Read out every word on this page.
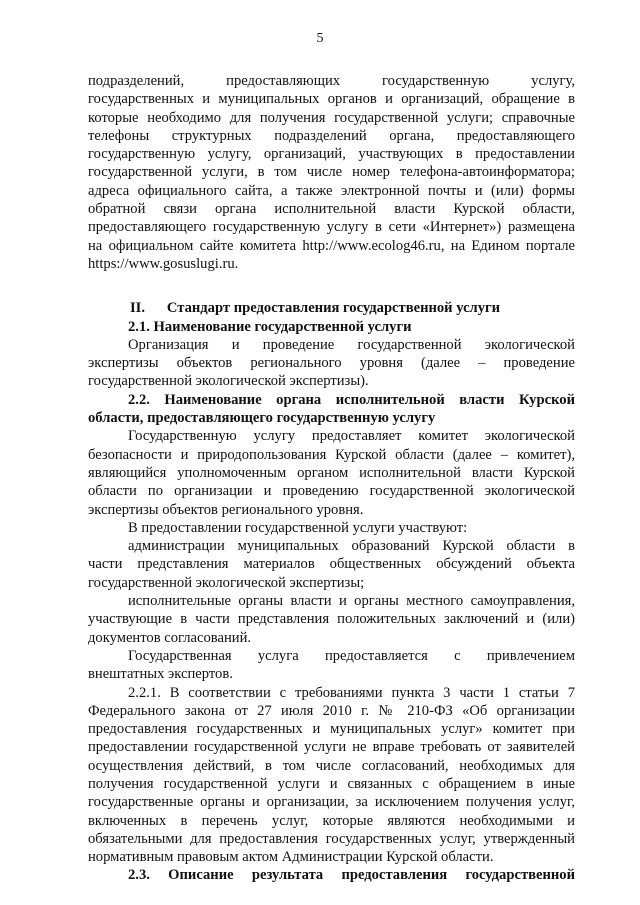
5
подразделений, предоставляющих государственную услугу,
государственных и муниципальных органов и организаций, обращение в
которые необходимо для получения государственной услуги; справочные
телефоны структурных подразделений органа, предоставляющего
государственную услугу, организаций, участвующих в предоставлении
государственной услуги, в том числе номер телефона-автоинформатора;
адреса официального сайта, а также электронной почты и (или) формы
обратной связи органа исполнительной власти Курской области,
предоставляющего государственную услугу в сети «Интернет») размещена
на официальном сайте комитета http://www.ecolog46.ru, на Едином портале
https://www.gosuslugi.ru.
II.      Стандарт предоставления государственной услуги
2.1. Наименование государственной услуги
Организация и проведение государственной экологической
экспертизы объектов регионального уровня (далее – проведение
государственной экологической экспертизы).
2.2. Наименование органа исполнительной власти Курской
области, предоставляющего государственную услугу
Государственную услугу предоставляет комитет экологической
безопасности и природопользования Курской области (далее – комитет),
являющийся уполномоченным органом исполнительной власти Курской
области по организации и проведению государственной экологической
экспертизы объектов регионального уровня.
В предоставлении государственной услуги участвуют:
администрации муниципальных образований Курской области в
части представления материалов общественных обсуждений объекта
государственной экологической экспертизы;
исполнительные органы власти и органы местного самоуправления,
участвующие в части представления положительных заключений и (или)
документов согласований.
Государственная услуга предоставляется с привлечением
внештатных экспертов.
2.2.1. В соответствии с требованиями пункта 3 части 1 статьи 7
Федерального закона от 27 июля 2010 г. № 210-ФЗ «Об организации
предоставления государственных и муниципальных услуг» комитет при
предоставлении государственной услуги не вправе требовать от заявителей
осуществления действий, в том числе согласований, необходимых для
получения государственной услуги и связанных с обращением в иные
государственные органы и организации, за исключением получения услуг,
включенных в перечень услуг, которые являются необходимыми и
обязательными для предоставления государственных услуг, утвержденный
нормативным правовым актом Администрации Курской области.
2.3. Описание результата предоставления государственной
